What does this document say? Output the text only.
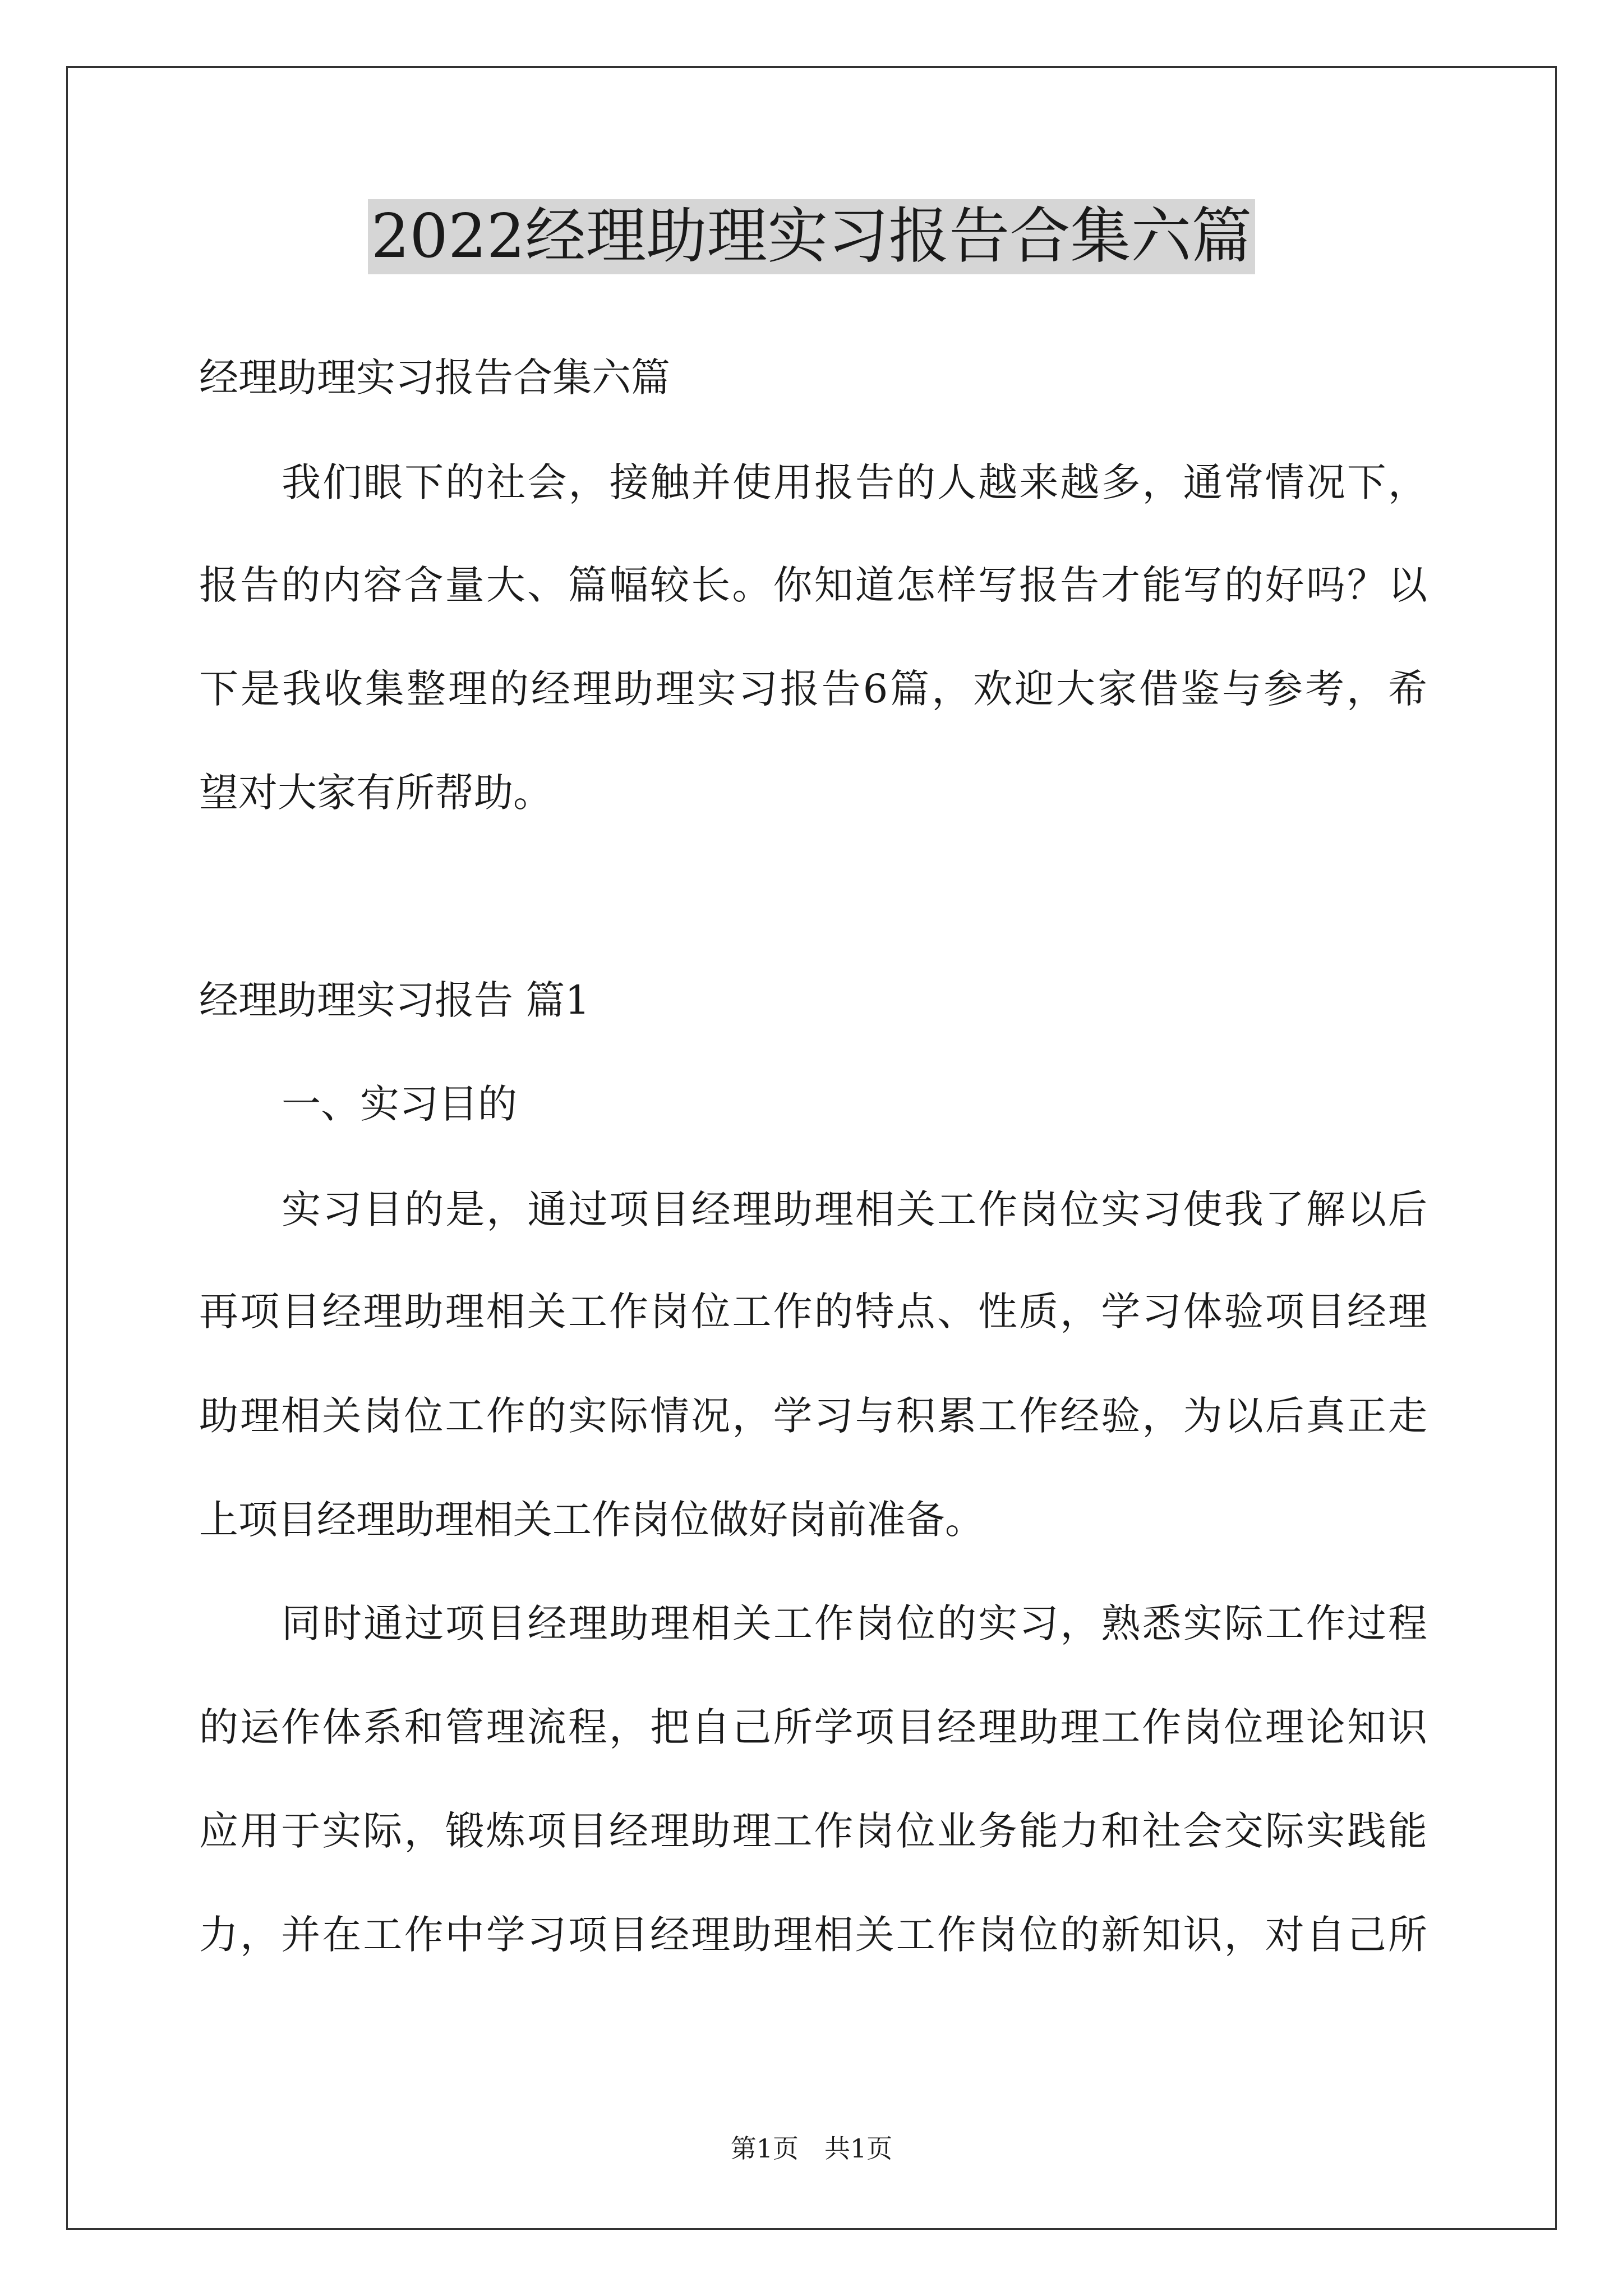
2022经理助理实习报告合集六篇
经理助理实习报告合集六篇
我们眼下的社会，接触并使用报告的人越来越多，通常情况下，
报告的内容含量大、篇幅较长。你知道怎样写报告才能写的好吗？以
下是我收集整理的经理助理实习报告6篇，欢迎大家借鉴与参考，希
望对大家有所帮助。
经理助理实习报告 篇1
一、实习目的
实习目的是，通过项目经理助理相关工作岗位实习使我了解以后
再项目经理助理相关工作岗位工作的特点、性质，学习体验项目经理
助理相关岗位工作的实际情况，学习与积累工作经验，为以后真正走
上项目经理助理相关工作岗位做好岗前准备。
同时通过项目经理助理相关工作岗位的实习，熟悉实际工作过程
的运作体系和管理流程，把自己所学项目经理助理工作岗位理论知识
应用于实际，锻炼项目经理助理工作岗位业务能力和社会交际实践能
力，并在工作中学习项目经理助理相关工作岗位的新知识，对自己所
第1页　共1页
